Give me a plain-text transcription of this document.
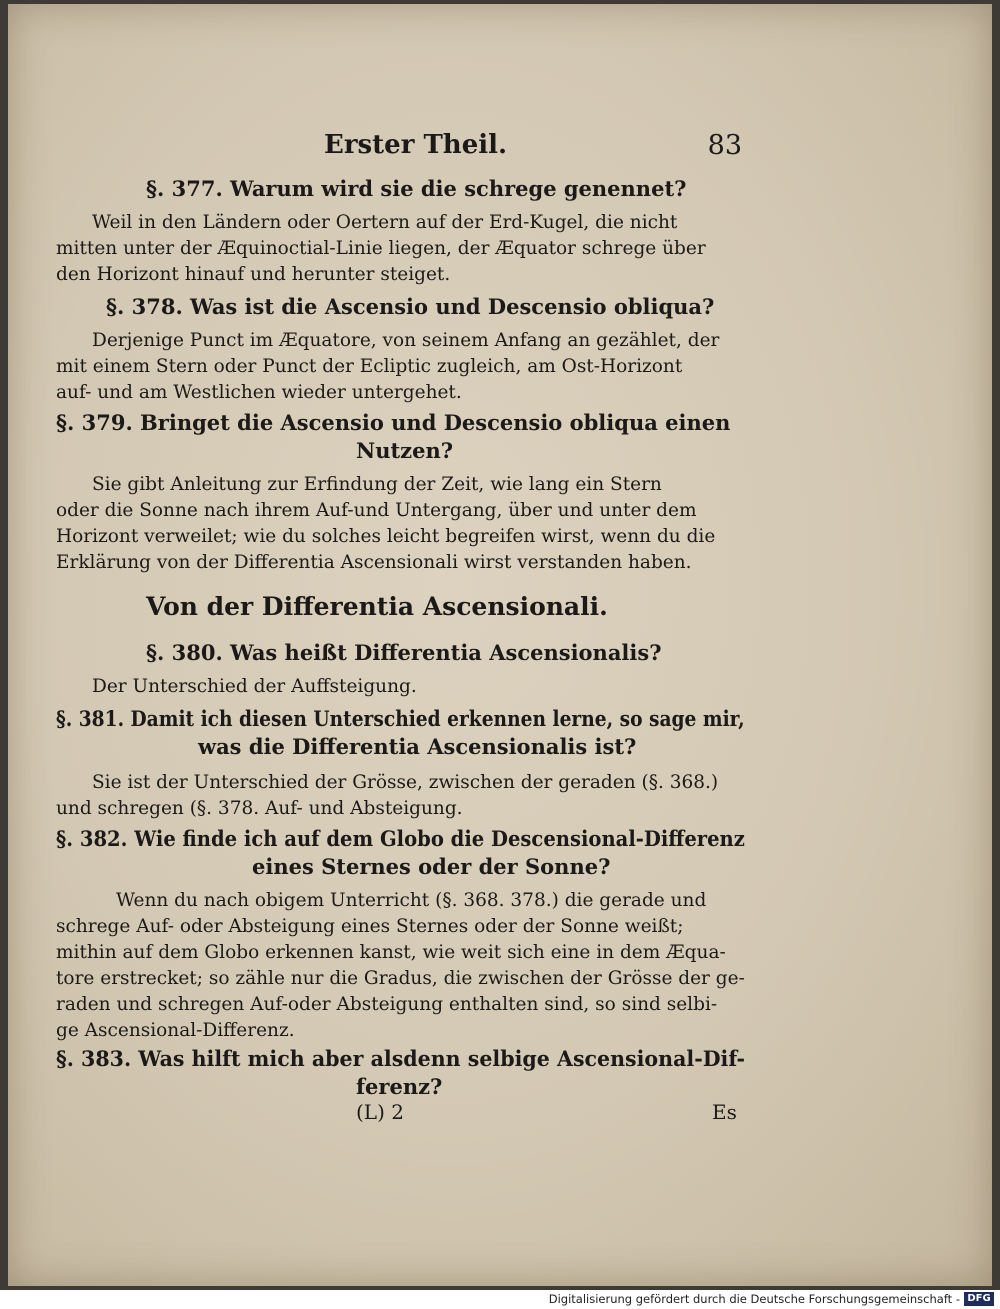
Erster Theil.	83
§. 377. Warum wird sie die schrege genennet?
Weil in den Ländern oder Oertern auf der Erd-Kugel, die nicht
mitten unter der Æquinoctial-Linie liegen, der Æquator schrege über
den Horizont hinauf und herunter steiget.
§. 378. Was ist die Ascensio und Descensio obliqua?
Derjenige Punct im Æquatore, von seinem Anfang an gezählet, der
mit einem Stern oder Punct der Ecliptic zugleich, am Ost-Horizont
auf- und am Westlichen wieder untergehet.
§. 379. Bringet die Ascensio und Descensio obliqua einen
Nutzen?
Sie gibt Anleitung zur Erfindung der Zeit, wie lang ein Stern
oder die Sonne nach ihrem Auf-und Untergang, über und unter dem
Horizont verweilet; wie du solches leicht begreifen wirst, wenn du die
Erklärung von der Differentia Ascensionali wirst verstanden haben.
Von der Differentia Ascensionali.
§. 380. Was heißt Differentia Ascensionalis?
Der Unterschied der Auffsteigung.
§. 381. Damit ich diesen Unterschied erkennen lerne, so sage mir,
was die Differentia Ascensionalis ist?
Sie ist der Unterschied der Grösse, zwischen der geraden (§. 368.)
und schregen (§. 378. Auf- und Absteigung.
§. 382. Wie finde ich auf dem Globo die Descensional-Differenz
eines Sternes oder der Sonne?
Wenn du nach obigem Unterricht (§. 368. 378.) die gerade und
schrege Auf- oder Absteigung eines Sternes oder der Sonne weißt;
mithin auf dem Globo erkennen kanst, wie weit sich eine in dem Æqua-
tore erstrecket; so zähle nur die Gradus, die zwischen der Grösse der ge-
raden und schregen Auf-oder Absteigung enthalten sind, so sind selbi-
ge Ascensional-Differenz.
§. 383. Was hilft mich aber alsdenn selbige Ascensional-Dif-
ferenz?
(L) 2	Es
Digitalisierung gefördert durch die Deutsche Forschungsgemeinschaft - DFG
